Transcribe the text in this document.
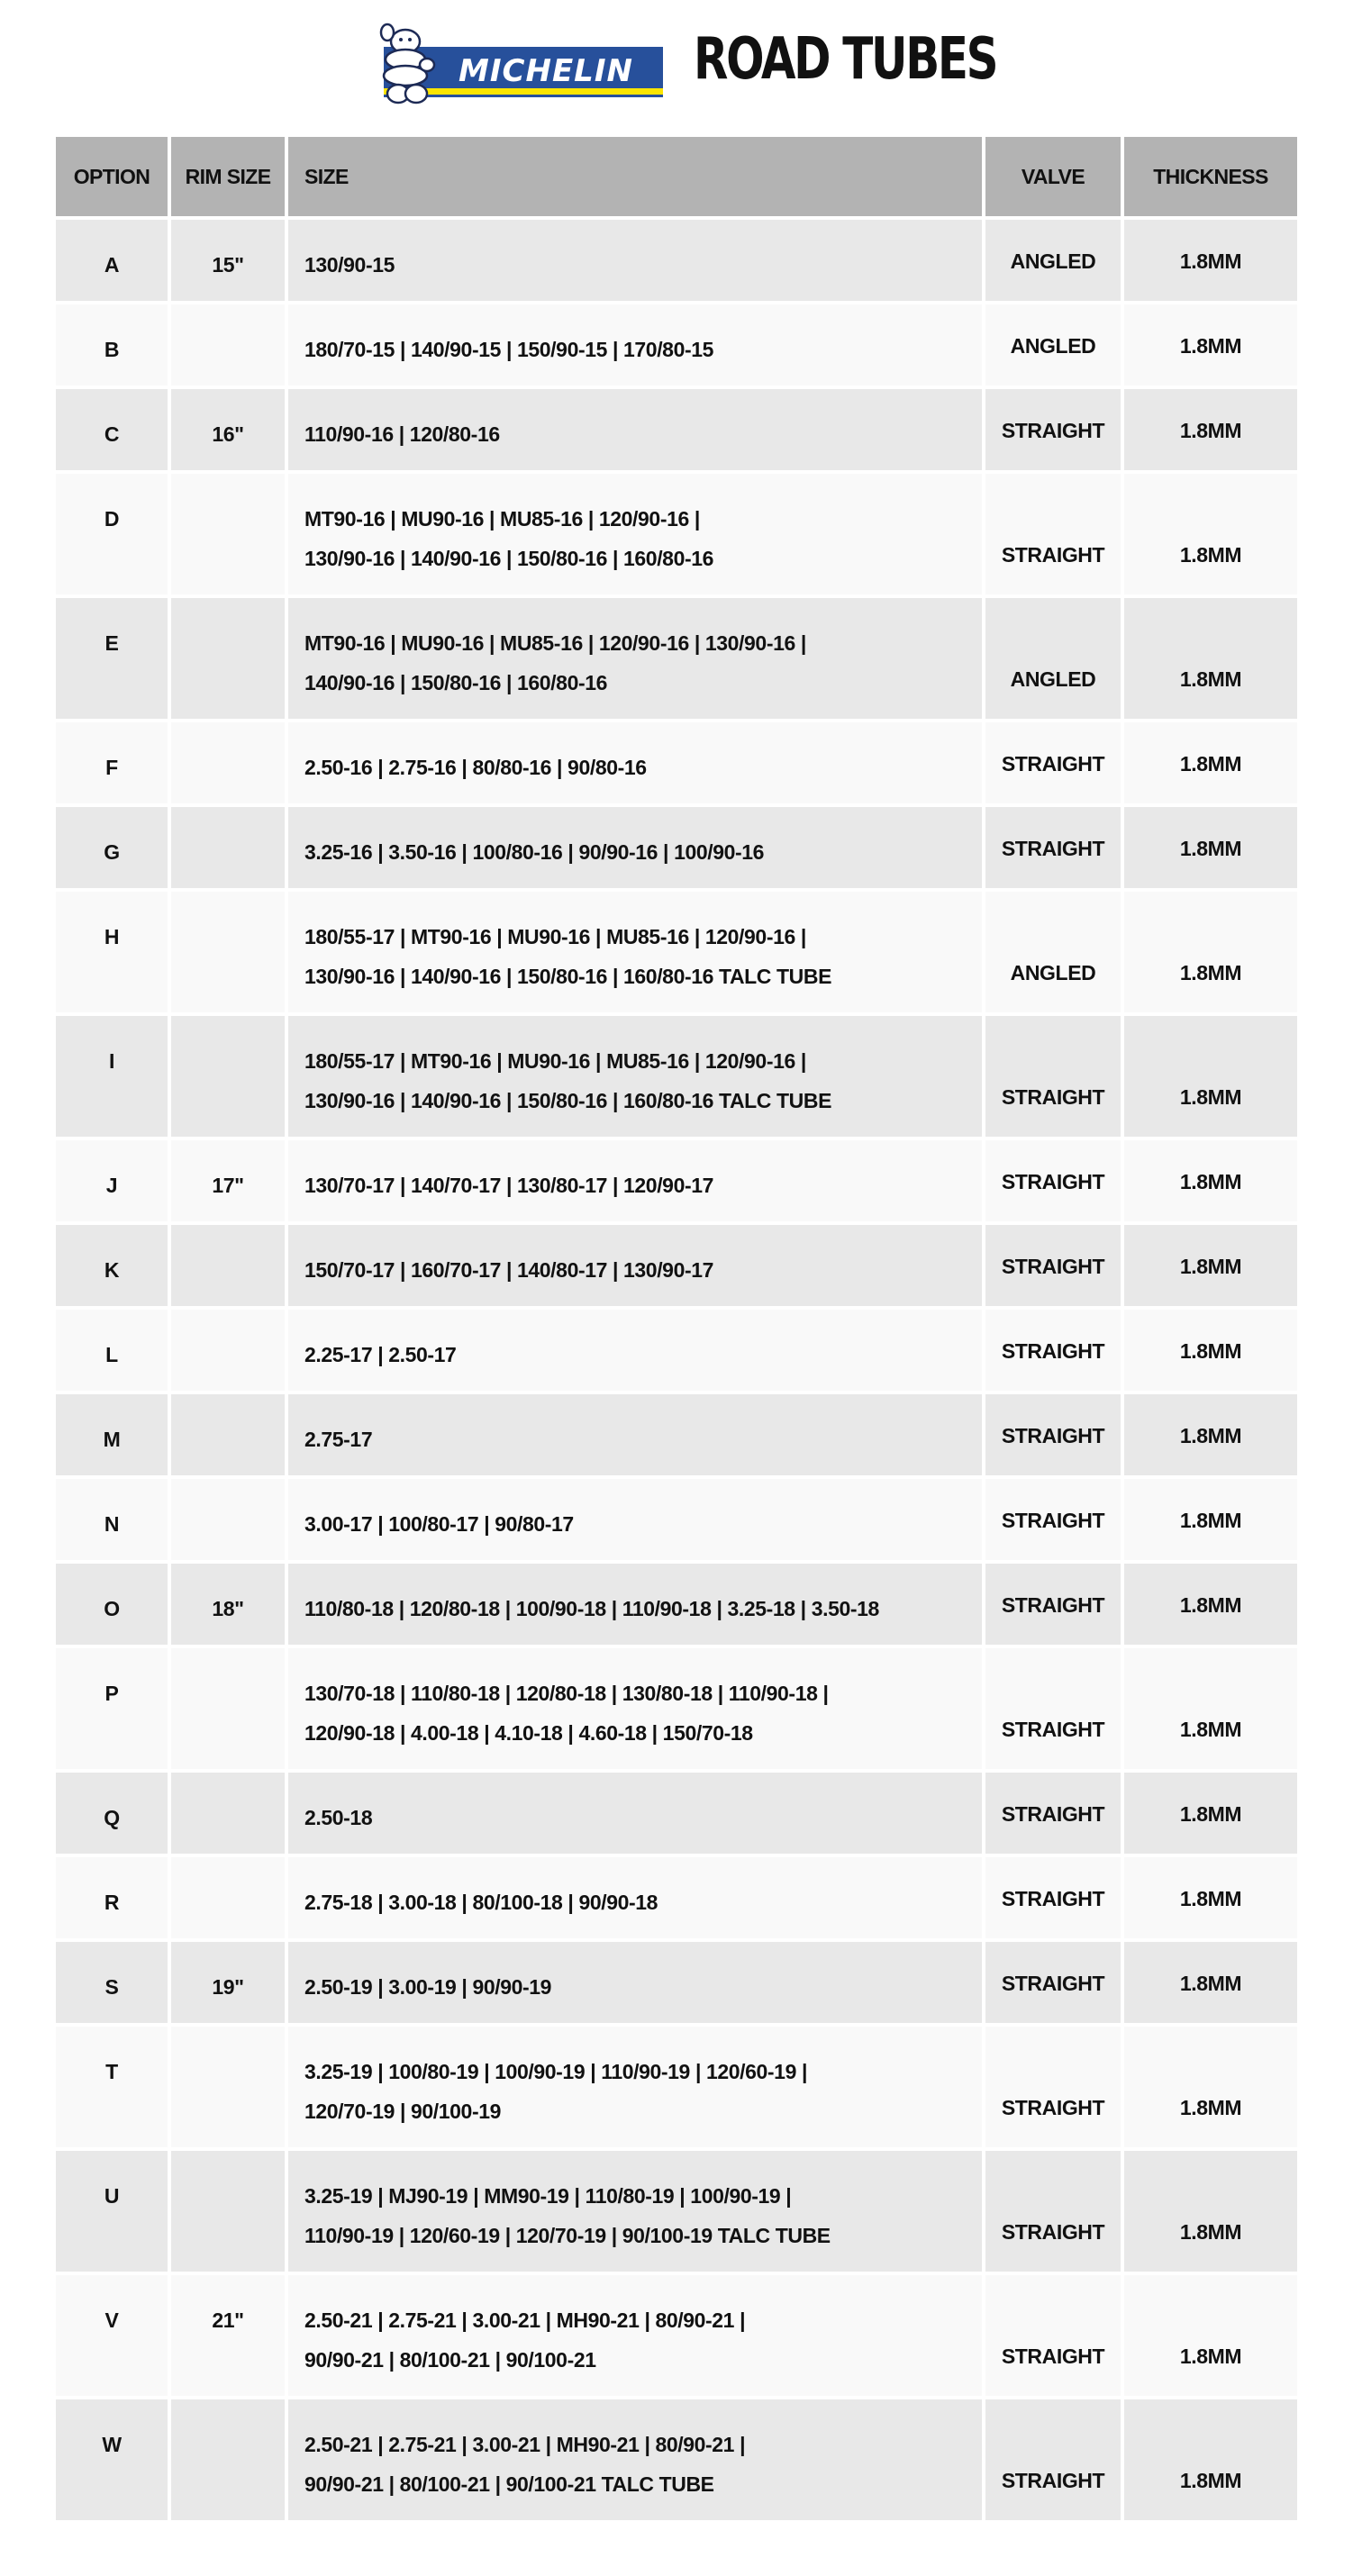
MICHELIN ROAD TUBES
OPTION	RIM SIZE	SIZE	VALVE	THICKNESS
A	15"	130/90-15	ANGLED	1.8MM
B	180/70-15 | 140/90-15 | 150/90-15 | 170/80-15	ANGLED	1.8MM
C	16"	110/90-16 | 120/80-16	STRAIGHT	1.8MM
D	MT90-16 | MU90-16 | MU85-16 | 120/90-16 |
130/90-16 | 140/90-16 | 150/80-16 | 160/80-16	STRAIGHT	1.8MM
E	MT90-16 | MU90-16 | MU85-16 | 120/90-16 | 130/90-16 |
140/90-16 | 150/80-16 | 160/80-16	ANGLED	1.8MM
F	2.50-16 | 2.75-16 | 80/80-16 | 90/80-16	STRAIGHT	1.8MM
G	3.25-16 | 3.50-16 | 100/80-16 | 90/90-16 | 100/90-16	STRAIGHT	1.8MM
H	180/55-17 | MT90-16 | MU90-16 | MU85-16 | 120/90-16 |
130/90-16 | 140/90-16 | 150/80-16 | 160/80-16 TALC TUBE	ANGLED	1.8MM
I	180/55-17 | MT90-16 | MU90-16 | MU85-16 | 120/90-16 |
130/90-16 | 140/90-16 | 150/80-16 | 160/80-16 TALC TUBE	STRAIGHT	1.8MM
J	17"	130/70-17 | 140/70-17 | 130/80-17 | 120/90-17	STRAIGHT	1.8MM
K	150/70-17 | 160/70-17 | 140/80-17 | 130/90-17	STRAIGHT	1.8MM
L	2.25-17 | 2.50-17	STRAIGHT	1.8MM
M	2.75-17	STRAIGHT	1.8MM
N	3.00-17 | 100/80-17 | 90/80-17	STRAIGHT	1.8MM
O	18"	110/80-18 | 120/80-18 | 100/90-18 | 110/90-18 | 3.25-18 | 3.50-18	STRAIGHT	1.8MM
P	130/70-18 | 110/80-18 | 120/80-18 | 130/80-18 | 110/90-18 |
120/90-18 | 4.00-18 | 4.10-18 | 4.60-18 | 150/70-18	STRAIGHT	1.8MM
Q	2.50-18	STRAIGHT	1.8MM
R	2.75-18 | 3.00-18 | 80/100-18 | 90/90-18	STRAIGHT	1.8MM
S	19"	2.50-19 | 3.00-19 | 90/90-19	STRAIGHT	1.8MM
T	3.25-19 | 100/80-19 | 100/90-19 | 110/90-19 | 120/60-19 |
120/70-19 | 90/100-19	STRAIGHT	1.8MM
U	3.25-19 | MJ90-19 | MM90-19 | 110/80-19 | 100/90-19 |
110/90-19 | 120/60-19 | 120/70-19 | 90/100-19 TALC TUBE	STRAIGHT	1.8MM
V	21"	2.50-21 | 2.75-21 | 3.00-21 | MH90-21 | 80/90-21 |
90/90-21 | 80/100-21 | 90/100-21	STRAIGHT	1.8MM
W	2.50-21 | 2.75-21 | 3.00-21 | MH90-21 | 80/90-21 |
90/90-21 | 80/100-21 | 90/100-21 TALC TUBE	STRAIGHT	1.8MM
